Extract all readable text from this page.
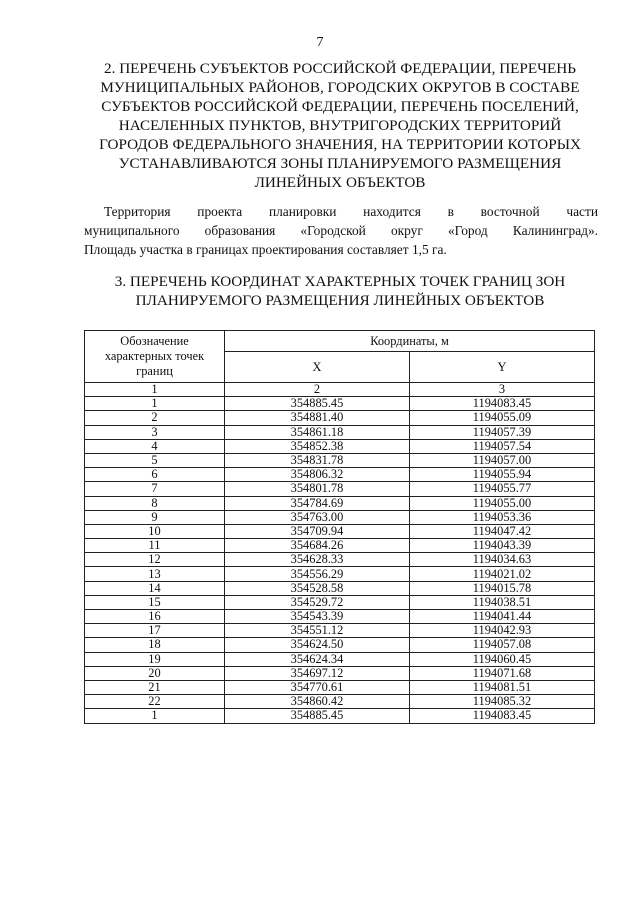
7
2. ПЕРЕЧЕНЬ СУБЪЕКТОВ РОССИЙСКОЙ ФЕДЕРАЦИИ, ПЕРЕЧЕНЬ
МУНИЦИПАЛЬНЫХ РАЙОНОВ, ГОРОДСКИХ ОКРУГОВ В СОСТАВЕ
СУБЪЕКТОВ РОССИЙСКОЙ ФЕДЕРАЦИИ, ПЕРЕЧЕНЬ ПОСЕЛЕНИЙ,
НАСЕЛЕННЫХ ПУНКТОВ, ВНУТРИГОРОДСКИХ ТЕРРИТОРИЙ
ГОРОДОВ ФЕДЕРАЛЬНОГО ЗНАЧЕНИЯ, НА ТЕРРИТОРИИ КОТОРЫХ
УСТАНАВЛИВАЮТСЯ ЗОНЫ ПЛАНИРУЕМОГО РАЗМЕЩЕНИЯ
ЛИНЕЙНЫХ ОБЪЕКТОВ

Территория проекта планировки находится в восточной части
муниципального образования «Городской округ «Город Калининград».
Площадь участка в границах проектирования составляет 1,5 га.

3. ПЕРЕЧЕНЬ КООРДИНАТ ХАРАКТЕРНЫХ ТОЧЕК ГРАНИЦ ЗОН
ПЛАНИРУЕМОГО РАЗМЕЩЕНИЯ ЛИНЕЙНЫХ ОБЪЕКТОВ
Обозначение характерных точек границ	Координаты, м	
	X	Y
1	2	3
1	354885.45	1194083.45
2	354881.40	1194055.09
3	354861.18	1194057.39
4	354852.38	1194057.54
5	354831.78	1194057.00
6	354806.32	1194055.94
7	354801.78	1194055.77
8	354784.69	1194055.00
9	354763.00	1194053.36
10	354709.94	1194047.42
11	354684.26	1194043.39
12	354628.33	1194034.63
13	354556.29	1194021.02
14	354528.58	1194015.78
15	354529.72	1194038.51
16	354543.39	1194041.44
17	354551.12	1194042.93
18	354624.50	1194057.08
19	354624.34	1194060.45
20	354697.12	1194071.68
21	354770.61	1194081.51
22	354860.42	1194085.32
1	354885.45	1194083.45
